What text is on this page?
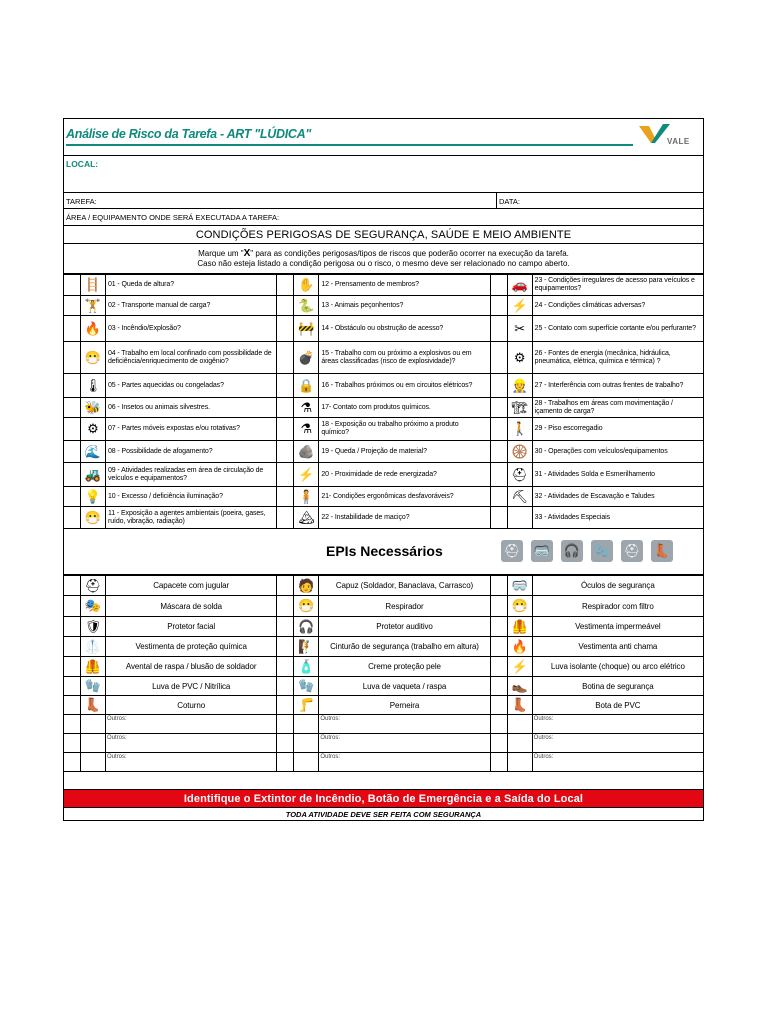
Análise de Risco da Tarefa - ART "LÚDICA"
VALE
LOCAL:
TAREFA:	DATA:
ÁREA / EQUIPAMENTO ONDE SERÁ EXECUTADA A TAREFA:
CONDIÇÕES PERIGOSAS DE SEGURANÇA, SAÚDE E MEIO AMBIENTE
Marque um "X" para as condições perigosas/tipos de riscos que poderão ocorrer na execução da tarefa.
Caso não esteja listado a condição perigosa ou o risco, o mesmo deve ser relacionado no campo aberto.
	🪜	01 - Queda de altura?		✋	12 - Prensamento de membros?		🚗	23 - Condições irregulares de acesso para veículos e equipamentos?
	🏋	02 - Transporte manual de carga?		🐍	13 - Animais peçonhentos?		⚡	24 - Condições climáticas adversas?
	🔥	03 - Incêndio/Explosão?		🚧	14 - Obstáculo ou obstrução de acesso?		✂	25 - Contato com superfície cortante e/ou perfurante?
	😷	04 - Trabalho em local confinado com possibilidade de deficiência/enriquecimento de oxigênio?		💣	15 - Trabalho com ou próximo a explosivos ou em áreas classificadas (risco de explosividade)?		⚙	26 - Fontes de energia (mecânica, hidráulica, pneumática, elétrica, química e térmica) ?
	🌡	05 - Partes aquecidas ou congeladas?		🔒	16 - Trabalhos próximos ou em circuitos elétricos?		👷	27 - Interferência com outras frentes de trabalho?
	🐝	06 - Insetos ou animais silvestres.		⚗	17- Contato com produtos químicos.		🏗	28 - Trabalhos em áreas com movimentação / içamento de carga?
	⚙	07 - Partes móveis expostas e/ou rotativas?		⚗	18 - Exposição ou trabalho próximo a produto químico?		🚶	29 - Piso escorregadio
	🌊	08 - Possibilidade de afogamento?		🪨	19 - Queda / Projeção de material?		🛞	30 - Operações com veículos/equipamentos
	🚜	09 - Atividades realizadas em área de circulação de veículos e equipamentos?		⚡	20 - Proximidade de rede energizada?		⛑	31 - Atividades Solda e Esmerilhamento
	💡	10 - Excesso / deficiência iluminação?		🧍	21- Condições ergonômicas desfavoráveis?		⛏	32 - Atividades de Escavação e Taludes
	😷	11 - Exposição a agentes ambientais (poeira, gases, ruído, vibração, radiação)		🏔	22 - Instabilidade de maciço?			33 - Atividades Especiais
EPIs Necessários	⛑ 🥽 🎧 🧤 ⛑ 👢
	⛑	Capacete com jugular		🧑	Capuz (Soldador, Banaclava, Carrasco)		🥽	Óculos de segurança
	🎭	Máscara de solda		😷	Respirador		😷	Respirador com filtro
	🛡	Protetor facial		🎧	Protetor auditivo		🦺	Vestimenta impermeável
	🥼	Vestimenta de proteção química		🧗	Cinturão de segurança (trabalho em altura)		🔥	Vestimenta anti chama
	🦺	Avental de raspa / blusão de soldador		🧴	Creme proteção pele		⚡	Luva isolante (choque) ou arco elétrico
	🧤	Luva de PVC / Nitrílica		🧤	Luva de vaqueta / raspa		👞	Botina de segurança
	👢	Coturno		🦵	Perneira		👢	Bota de PVC
		Outros:			Outros:			Outros:
		Outros:			Outros:			Outros:
		Outros:			Outros:			Outros:
Identifique o Extintor de Incêndio, Botão de Emergência e a Saída do Local
TODA ATIVIDADE DEVE SER FEITA COM SEGURANÇA
